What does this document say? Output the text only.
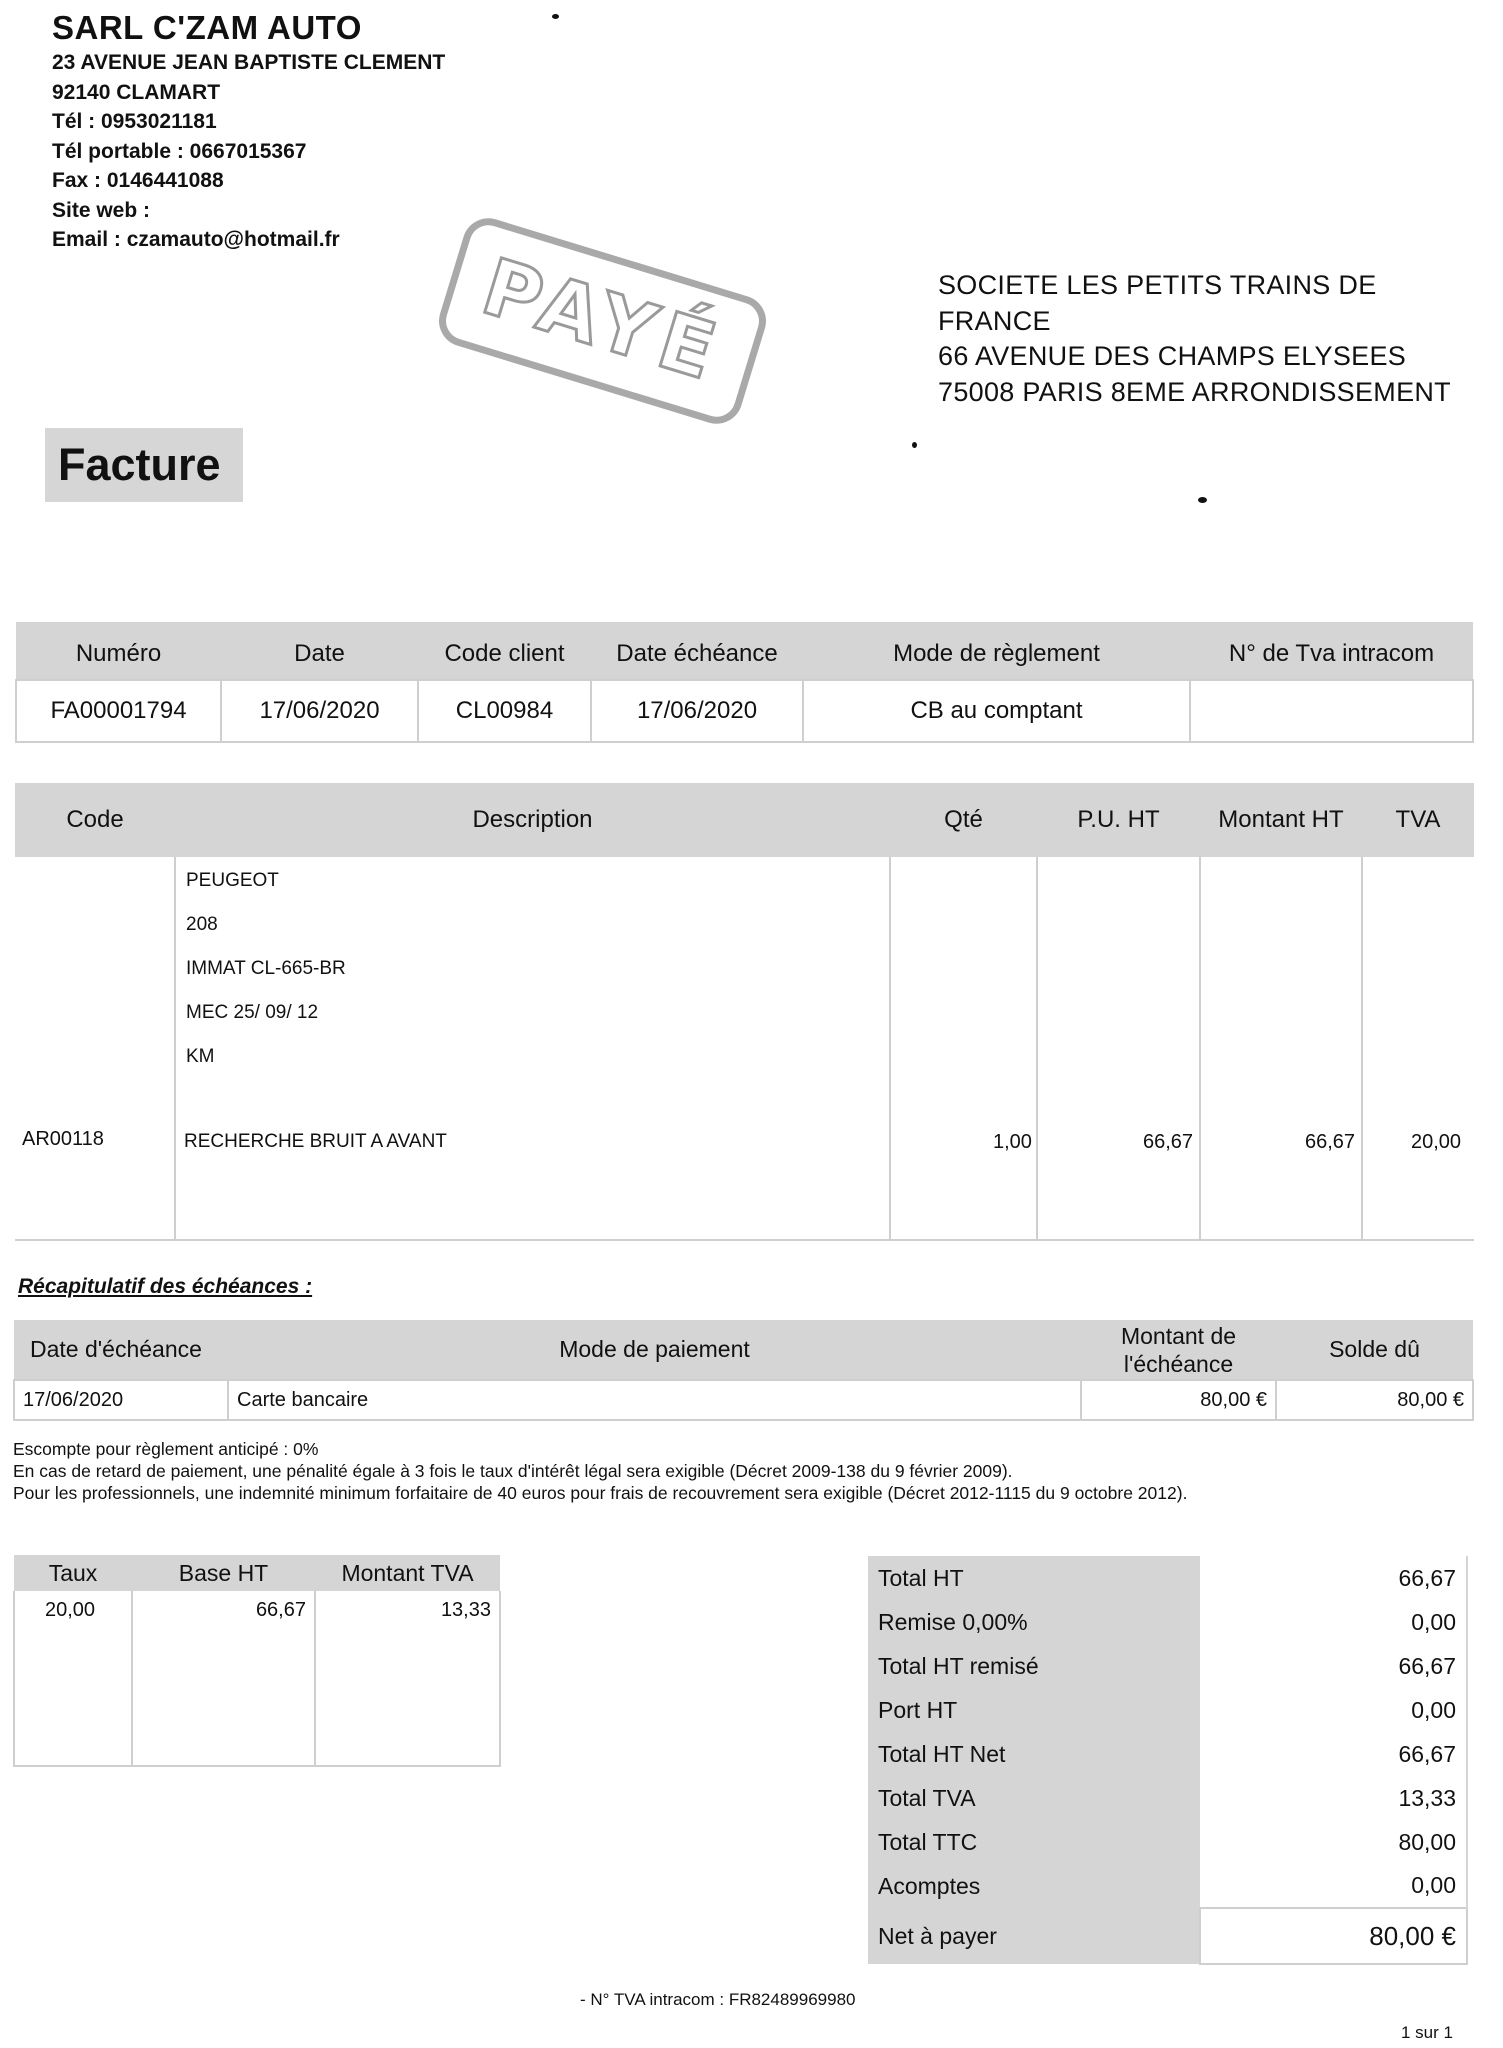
SARL C'ZAM AUTO
23 AVENUE JEAN BAPTISTE CLEMENT
92140 CLAMART
Tél : 0953021181
Tél portable : 0667015367
Fax : 0146441088
Site web :
Email : czamauto@hotmail.fr
PAYÉ	SOCIETE LES PETITS TRAINS DE
FRANCE
66 AVENUE DES CHAMPS ELYSEES
75008 PARIS 8EME ARRONDISSEMENT
Facture
Numéro	Date	Code client	Date échéance	Mode de règlement	N° de Tva intracom
FA00001794	17/06/2020	CL00984	17/06/2020	CB au comptant	
Code	Description	Qté	P.U. HT	Montant HT	TVA

	PEUGEOT
208
IMMAT CL-665-BR
MEC 25/ 09/ 12
KM				

AR00118	RECHERCHE BRUIT A AVANT	1,00	66,67	66,67	20,00
Récapitulatif des échéances :
Date d'échéance	Mode de paiement	Montant de l'échéance	Solde dû
17/06/2020	Carte bancaire	80,00 €	80,00 €
Escompte pour règlement anticipé : 0%
En cas de retard de paiement, une pénalité égale à 3 fois le taux d'intérêt légal sera exigible (Décret 2009-138 du 9 février 2009).
Pour les professionnels, une indemnité minimum forfaitaire de 40 euros pour frais de recouvrement sera exigible (Décret 2012-1115 du 9 octobre 2012).
Taux	Base HT	Montant TVA
20,00	66,67	13,33
Total HT	66,67
Remise 0,00%	0,00
Total HT remisé	66,67
Port HT	0,00
Total HT Net	66,67
Total TVA	13,33
Total TTC	80,00
Acomptes	0,00
Net à payer	80,00 €
- N° TVA intracom : FR82489969980
1 sur 1
